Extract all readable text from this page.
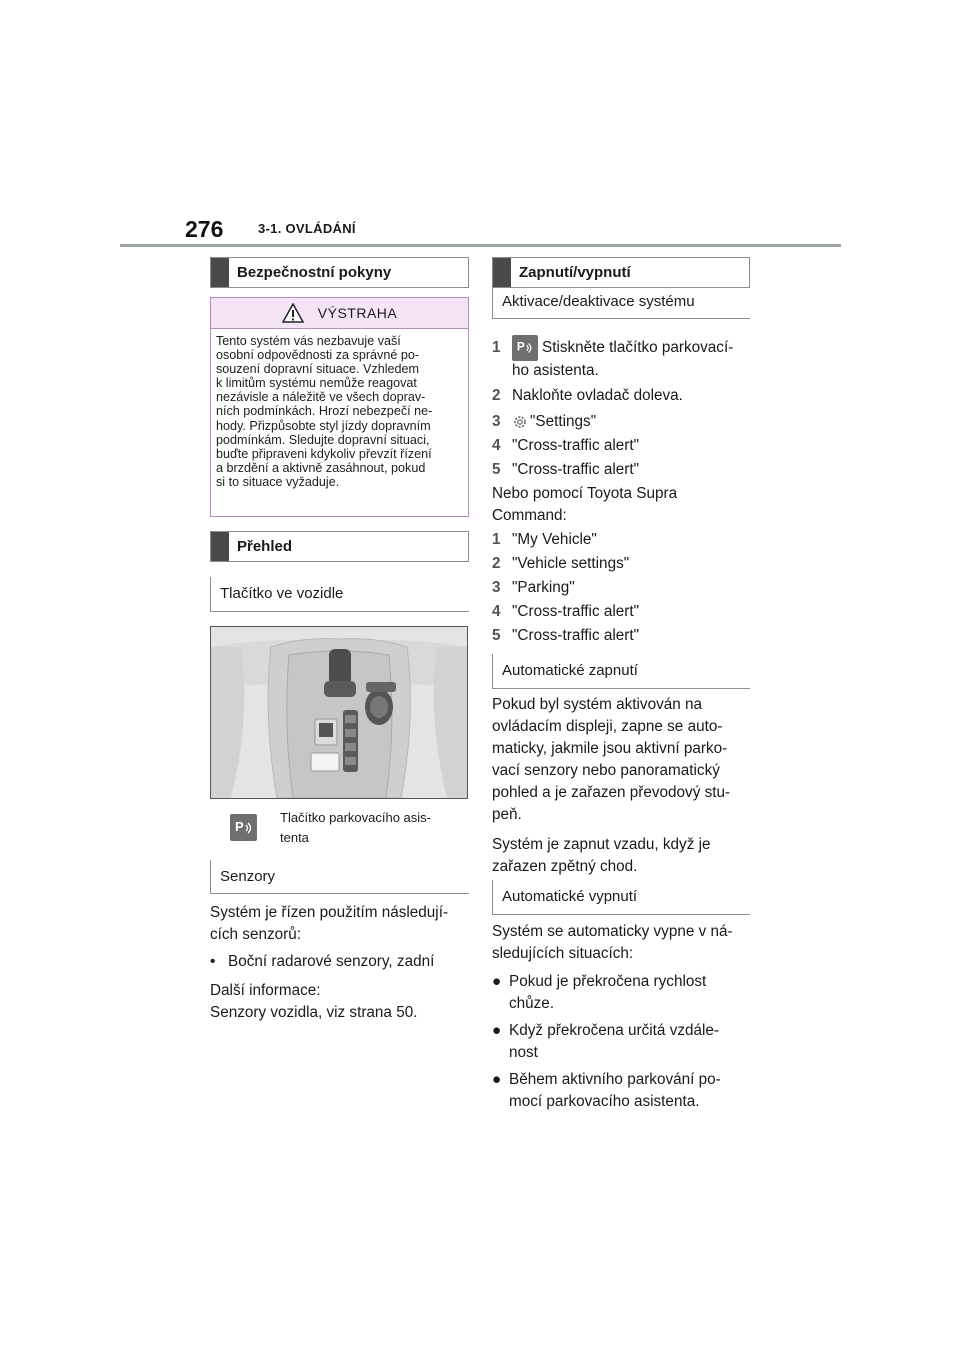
276	3-1. OVLÁDÁNÍ
Bezpečnostní pokyny
VÝSTRAHA
Tento systém vás nezbavuje vaší
osobní odpovědnosti za správné po-
souzení dopravní situace. Vzhledem
k limitům systému nemůže reagovat
nezávisle a náležitě ve všech doprav-
ních podmínkách. Hrozí nebezpečí ne-
hody. Přizpůsobte styl jízdy dopravním
podmínkám. Sledujte dopravní situaci,
buďte připraveni kdykoliv převzít řízení
a brzdění a aktivně zasáhnout, pokud
si to situace vyžaduje.
Přehled
Tlačítko ve vozidle
P
Tlačítko parkovacího asis-
tenta
Senzory
Systém je řízen použitím následují-
cích senzorů:
• Boční radarové senzory, zadní
Další informace:
Senzory vozidla, viz strana 50.
Zapnutí/vypnutí
Aktivace/deaktivace systému
1	P Stiskněte tlačítko parkovací-
ho asistenta.
2 Nakloňte ovladač doleva.
3	"Settings"
4 "Cross-traffic alert"
5 "Cross-traffic alert"
Nebo pomocí Toyota Supra
Command:
1 "My Vehicle"
2 "Vehicle settings"
3 "Parking"
4 "Cross-traffic alert"
5 "Cross-traffic alert"
Automatické zapnutí
Pokud byl systém aktivován na
ovládacím displeji, zapne se auto-
maticky, jakmile jsou aktivní parko-
vací senzory nebo panoramatický
pohled a je zařazen převodový stu-
peň.
Systém je zapnut vzadu, když je
zařazen zpětný chod.
Automatické vypnutí
Systém se automaticky vypne v ná-
sledujících situacích:
● Pokud je překročena rychlost
chůze.
● Když překročena určitá vzdále-
nost
● Během aktivního parkování po-
mocí parkovacího asistenta.
